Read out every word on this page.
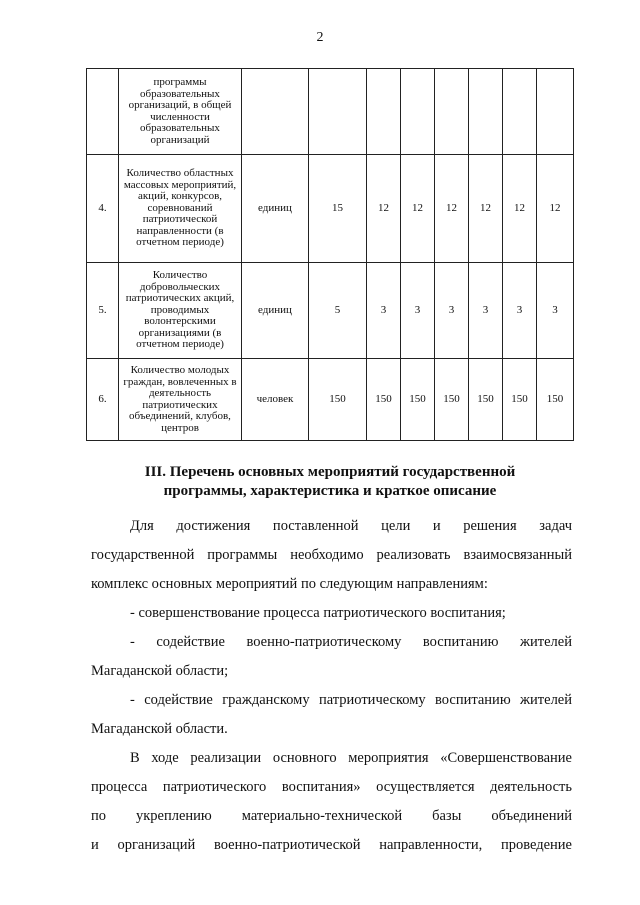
2
	программы образовательных организаций, в общей численности образовательных организаций								
4.	Количество областных массовых мероприятий, акций, конкурсов, соревнований патриотической направленности (в отчетном периоде)	единиц	15	12	12	12	12	12	12
5.	Количество добровольческих патриотических акций, проводимых волонтерскими организациями (в отчетном периоде)	единиц	5	3	3	3	3	3	3
6.	Количество молодых граждан, вовлеченных в деятельность патриотических объединений, клубов, центров	человек	150	150	150	150	150	150	150
III. Перечень основных мероприятий государственной
программы, характеристика и краткое описание

Для достижения поставленной цели и решения задач

государственной программы необходимо реализовать взаимосвязанный

комплекс основных мероприятий по следующим направлениям:

- совершенствование процесса патриотического воспитания;

- содействие военно-патриотическому воспитанию жителей

Магаданской области;

- содействие гражданскому патриотическому воспитанию жителей

Магаданской области.

В ходе реализации основного мероприятия «Совершенствование

процесса патриотического воспитания» осуществляется деятельность

по укреплению материально-технической базы объединений

и организаций военно-патриотической направленности, проведение
